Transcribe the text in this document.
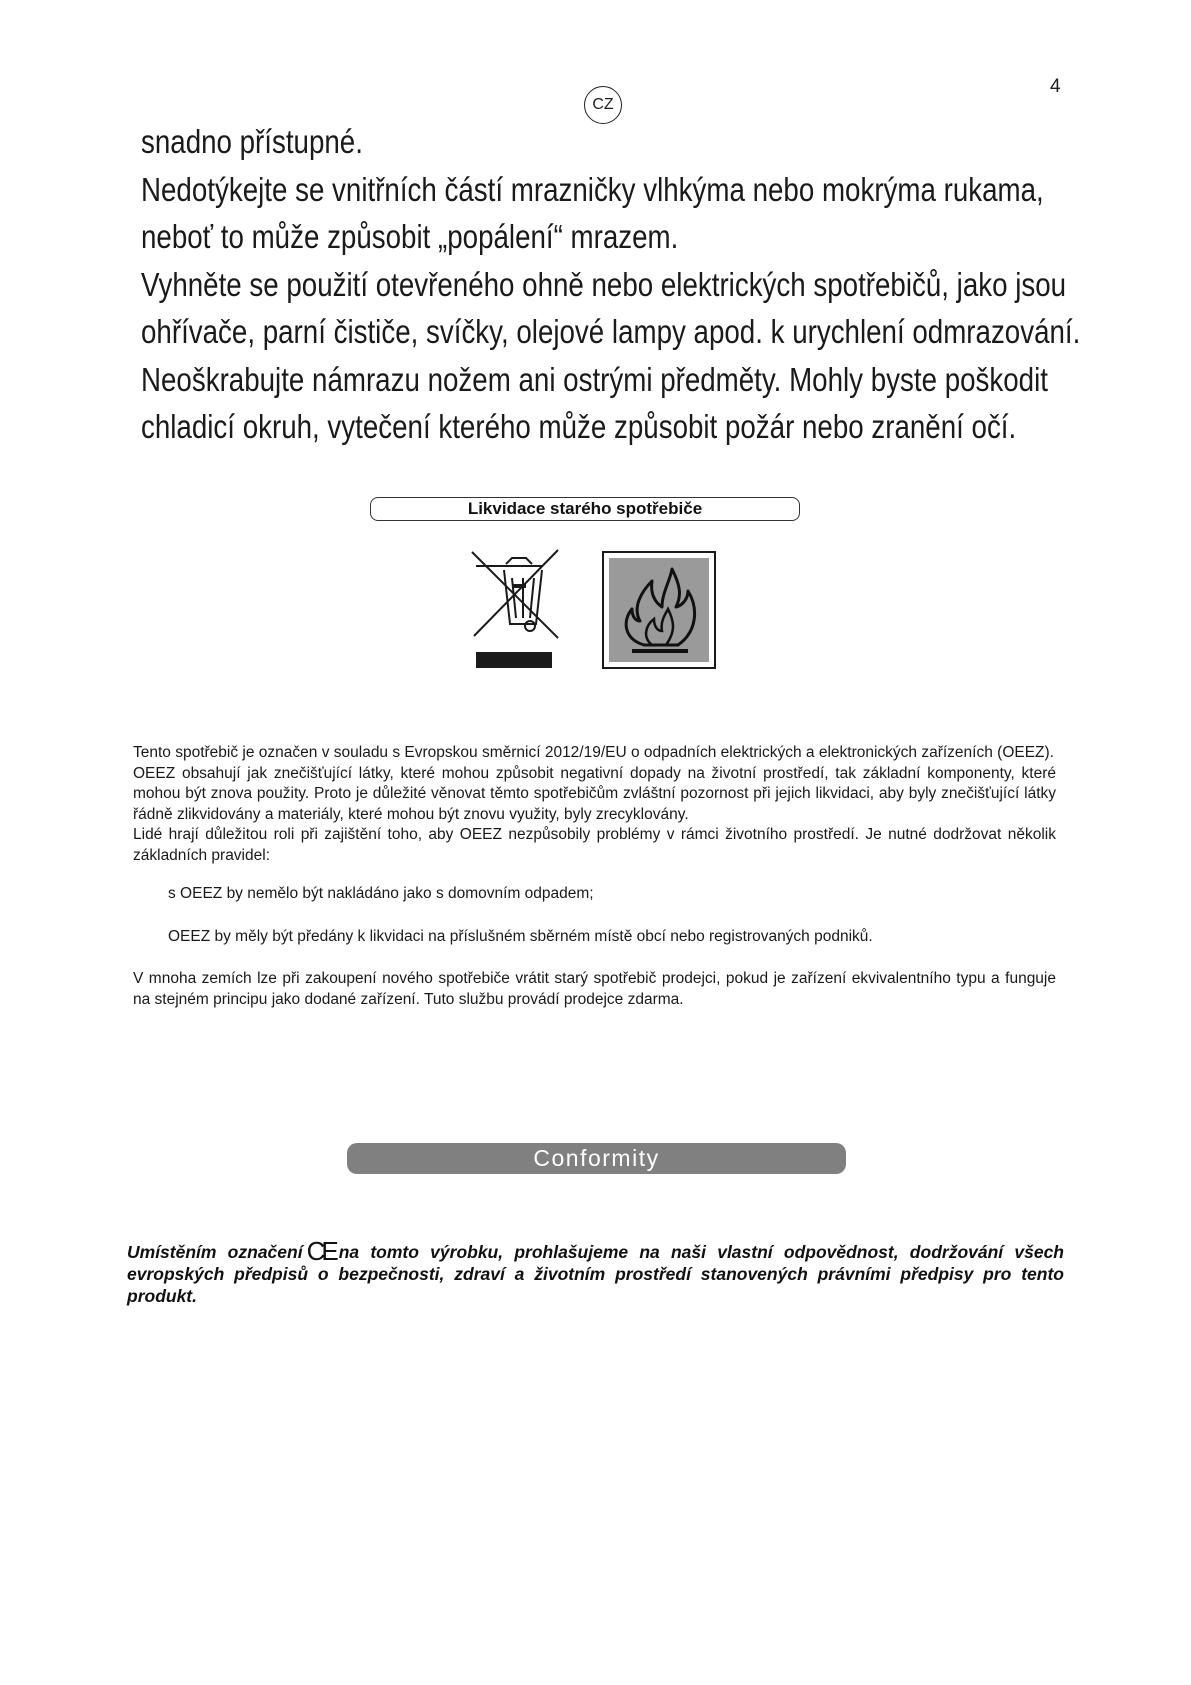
4
CZ

snadno přístupné.

Nedotýkejte se vnitřních částí mrazničky vlhkýma nebo mokrýma rukama,

neboť to může způsobit „popálení“ mrazem.

Vyhněte se použití otevřeného ohně nebo elektrických spotřebičů, jako jsou

ohřívače, parní čističe, svíčky, olejové lampy apod. k urychlení odmrazování.

Neoškrabujte námrazu nožem ani ostrými předměty. Mohly byste poškodit

chladicí okruh, vytečení kterého může způsobit požár nebo zranění očí.

Likvidace starého spotřebiče

Tento spotřebič je označen v souladu s Evropskou směrnicí 2012/19/EU o odpadních elektrických a elektronických zařízeních (OEEZ).

OEEZ obsahují jak znečišťující látky, které mohou způsobit negativní dopady na životní prostředí, tak základní komponenty, které mohou být znova použity. Proto je důležité věnovat těmto spotřebičům zvláštní pozornost při jejich likvidaci, aby byly znečišťující látky řádně zlikvidovány a materiály, které mohou být znovu využity, byly zrecyklovány.

Lidé hrají důležitou roli při zajištění toho, aby OEEZ nezpůsobily problémy v rámci životního prostředí. Je nutné dodržovat několik základních pravidel:

s OEEZ by nemělo být nakládáno jako s domovním odpadem;

OEEZ by měly být předány k likvidaci na příslušném sběrném místě obcí nebo registrovaných podniků.

V mnoha zemích lze při zakoupení nového spotřebiče vrátit starý spotřebič prodejci, pokud je zařízení ekvivalentního typu a funguje na stejném principu jako dodané zařízení. Tuto službu provádí prodejce zdarma.

Conformity

Umístěním označení CE na tomto výrobku, prohlašujeme na naši vlastní odpovědnost, dodržování všech evropských předpisů o bezpečnosti, zdraví a životním prostředí stanovených právními předpisy pro tento produkt.
